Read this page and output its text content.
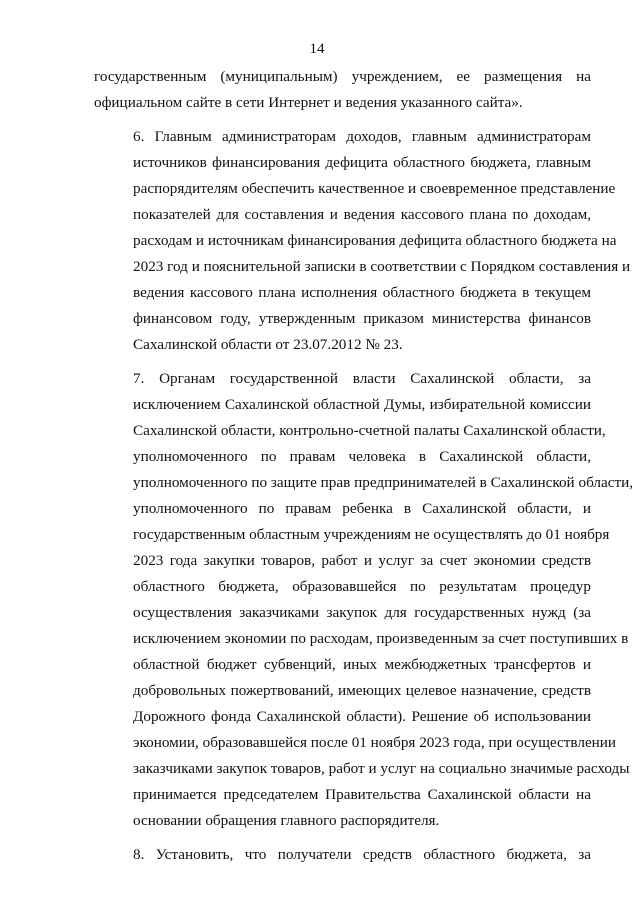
14

государственным (муниципальным) учреждением, ее размещения на
официальном сайте в сети Интернет и ведения указанного сайта».

6. Главным администраторам доходов, главным администраторам
источников финансирования дефицита областного бюджета, главным
распорядителям обеспечить качественное и своевременное представление
показателей для составления и ведения кассового плана по доходам,
расходам и источникам финансирования дефицита областного бюджета на
2023 год и пояснительной записки в соответствии с Порядком составления и
ведения кассового плана исполнения областного бюджета в текущем
финансовом году, утвержденным приказом министерства финансов
Сахалинской области от 23.07.2012 № 23.

7. Органам государственной власти Сахалинской области, за
исключением Сахалинской областной Думы, избирательной комиссии
Сахалинской области, контрольно-счетной палаты Сахалинской области,
уполномоченного по правам человека в Сахалинской области,
уполномоченного по защите прав предпринимателей в Сахалинской области,
уполномоченного по правам ребенка в Сахалинской области, и
государственным областным учреждениям не осуществлять до 01 ноября
2023 года закупки товаров, работ и услуг за счет экономии средств
областного бюджета, образовавшейся по результатам процедур
осуществления заказчиками закупок для государственных нужд (за
исключением экономии по расходам, произведенным за счет поступивших в
областной бюджет субвенций, иных межбюджетных трансфертов и
добровольных пожертвований, имеющих целевое назначение, средств
Дорожного фонда Сахалинской области). Решение об использовании
экономии, образовавшейся после 01 ноября 2023 года, при осуществлении
заказчиками закупок товаров, работ и услуг на социально значимые расходы
принимается председателем Правительства Сахалинской области на
основании обращения главного распорядителя.

8. Установить, что получатели средств областного бюджета, за
